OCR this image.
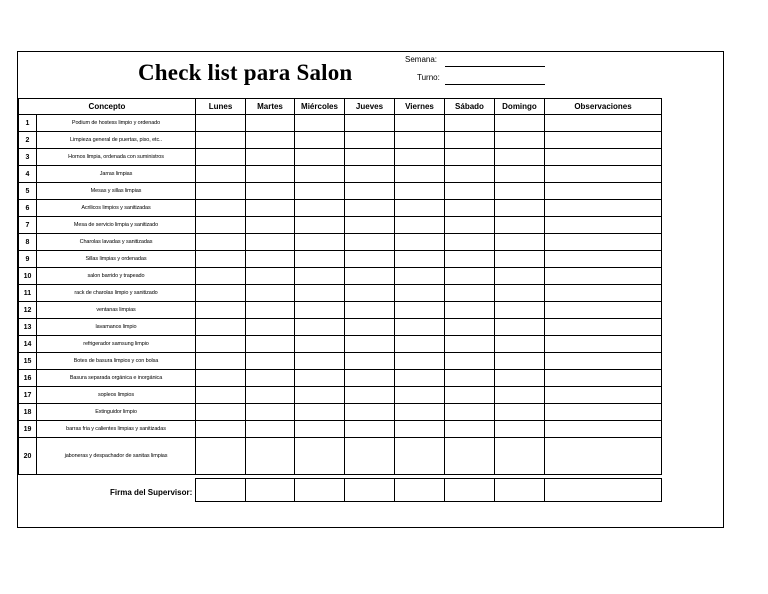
Check list para Salon
Semana:
Turno:
Concepto		Lunes	Martes	Miércoles	Jueves	Viernes	Sábado	Domingo	Observaciones
1	Podium de hostess limpio y ordenado								
2	Limpieza general de puertas, piso, etc..								
3	Hornos limpia, ordenada con suministros								
4	Jarras limpias								
5	Mesas y sillas limpias								
6	Acrilicos limpios y sanitizadas								
7	Mesa de servicio limpia y sanitizado								
8	Charolas lavadas y sanitizadas								
9	Sillas limpias y ordenadas								
10	salon barrido y trapeado								
11	rack de charolas limpio y sanitizado								
12	ventanas limpias								
13	lavamanos limpio								
14	refrigerador samsung limpio								
15	Botes de basura limpios y con bolsa								
16	Basura separada orgánica e inorgánica								
17	sopleos limpios								
18	Extinguidor limpio								
19	barras fria y calientes limpias y sanitizadas								
20	jaboneras y despachador de sanitas limpias								
Firma del Supervisor:
